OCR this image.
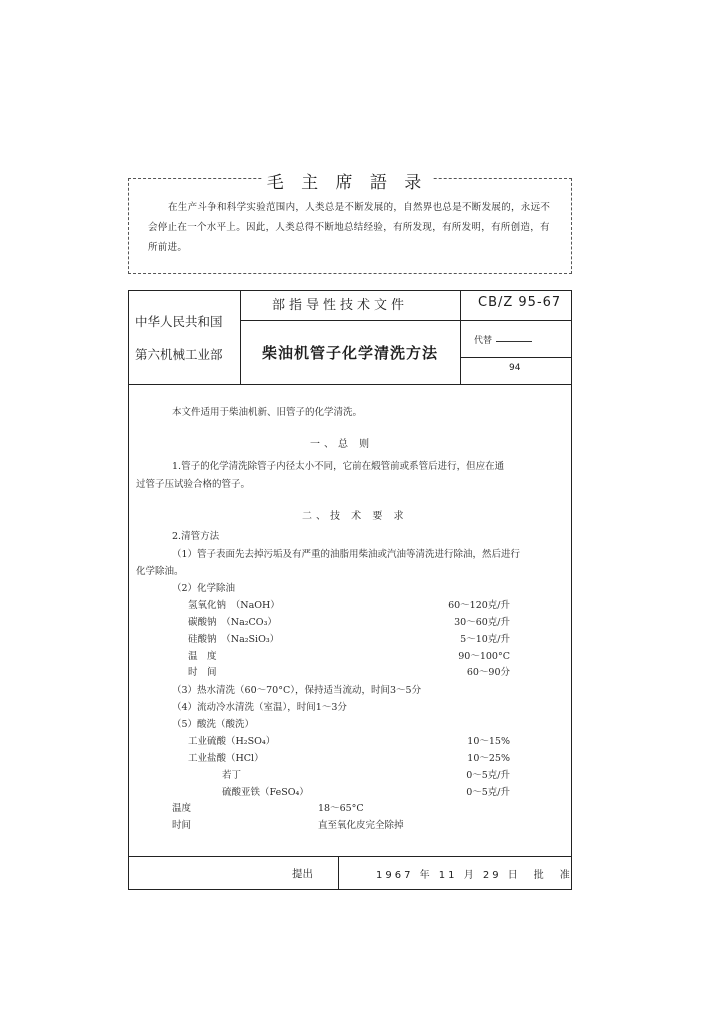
毛 主 席 語 录
在生产斗争和科学实验范围内，人类总是不断发展的，自然界也总是不断发展的，永远不会停止在一个水平上。因此，人类总得不断地总结经验，有所发现，有所发明，有所创造，有所前进。
中华人民共和国
第六机械工业部
部指导性技术文件
柴油机管子化学清洗方法
CB/Z 95-67
代替
94
本文件适用于柴油机新、旧管子的化学清洗。
一、总 则
1.管子的化学清洗除管子内径太小不同，它前在煅管前或系管后进行，但应在通
过管子压试验合格的管子。
二、技 术 要 求
2.清管方法
（1）管子表面先去掉污垢及有严重的油脂用柴油或汽油等清洗进行除油，然后进行
化学除油。
（2）化学除油
氢氧化钠　（NaOH）	60～120克/升
碳酸钠　（Na₂CO₃）	30～60克/升
硅酸钠　（Na₂SiO₃）	5～10克/升
温　度	90～100°C
时　间	60～90分
（3）热水清洗（60～70°C），保持适当流动，时间3～5分
（4）流动冷水清洗（室温），时间1～3分
（5）酸洗（酸洗）
工业硫酸（H₂SO₄）	10～15%
工业盐酸（HCl）	10～25%
若丁	0～5克/升
硫酸亚铁（FeSO₄）	0～5克/升
温度	18～65°C
时间	直至氧化皮完全除掉
提出	1967 年 11 月 29 日　批　准
